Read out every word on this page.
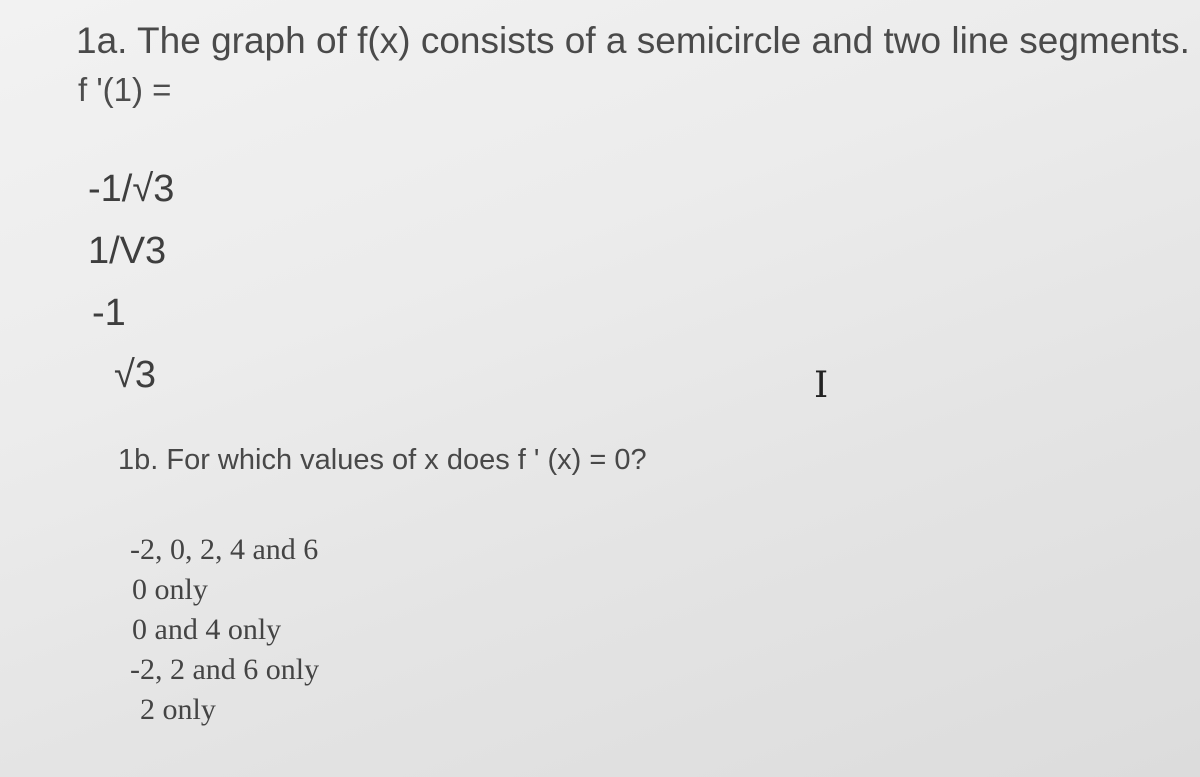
1a. The graph of f(x) consists of a semicircle and two line segments.
f '(1) =
-1/√3
1/V3
-1
√3	I
1b. For which values of x does f ' (x) = 0?
-2, 0, 2, 4 and 6
0 only
0 and 4 only
-2, 2 and 6 only
2 only
